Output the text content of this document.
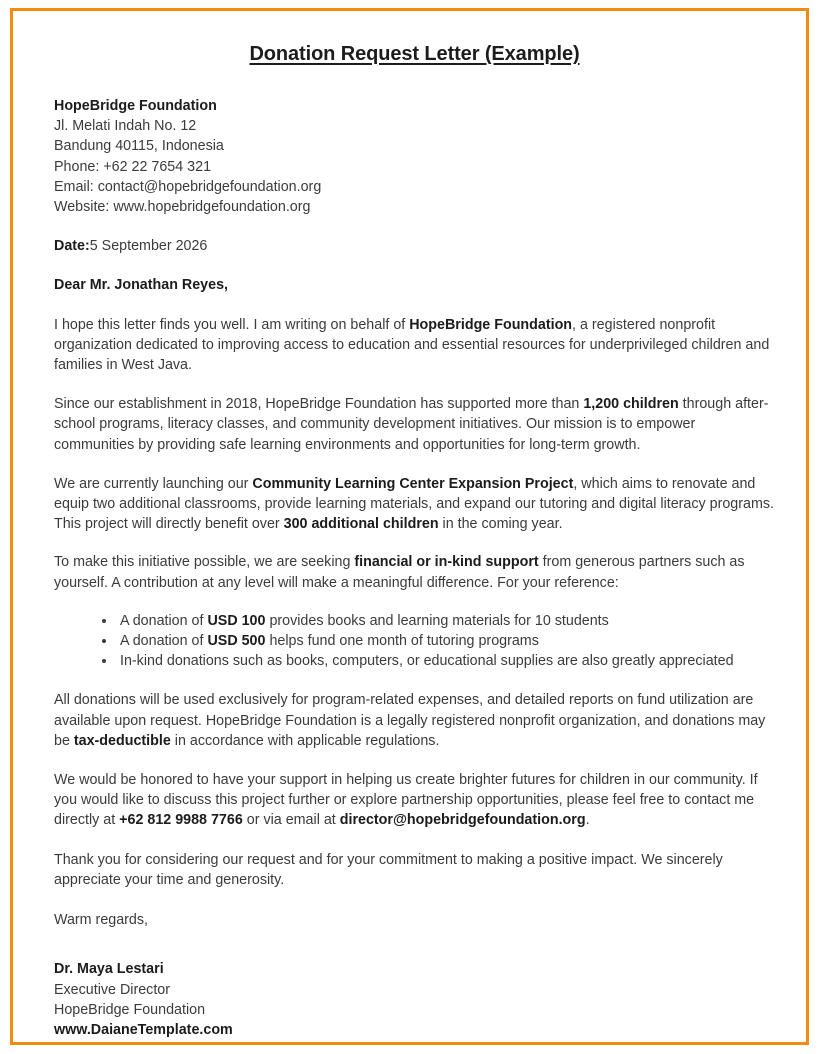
Donation Request Letter (Example)
HopeBridge Foundation
Jl. Melati Indah No. 12
Bandung 40115, Indonesia
Phone: +62 22 7654 321
Email: contact@hopebridgefoundation.org
Website: www.hopebridgefoundation.org
Date:5 September 2026
Dear Mr. Jonathan Reyes,

I hope this letter finds you well. I am writing on behalf of HopeBridge Foundation, a registered nonprofit organization dedicated to improving access to education and essential resources for underprivileged children and families in West Java.

Since our establishment in 2018, HopeBridge Foundation has supported more than 1,200 children through after-school programs, literacy classes, and community development initiatives. Our mission is to empower communities by providing safe learning environments and opportunities for long-term growth.

We are currently launching our Community Learning Center Expansion Project, which aims to renovate and equip two additional classrooms, provide learning materials, and expand our tutoring and digital literacy programs. This project will directly benefit over 300 additional children in the coming year.

To make this initiative possible, we are seeking financial or in-kind support from generous partners such as yourself. A contribution at any level will make a meaningful difference. For your reference:

A donation of USD 100 provides books and learning materials for 10 students
A donation of USD 500 helps fund one month of tutoring programs
In-kind donations such as books, computers, or educational supplies are also greatly appreciated

All donations will be used exclusively for program-related expenses, and detailed reports on fund utilization are available upon request. HopeBridge Foundation is a legally registered nonprofit organization, and donations may be tax-deductible in accordance with applicable regulations.

We would be honored to have your support in helping us create brighter futures for children in our community. If you would like to discuss this project further or explore partnership opportunities, please feel free to contact me directly at +62 812 9988 7766 or via email at director@hopebridgefoundation.org.

Thank you for considering our request and for your commitment to making a positive impact. We sincerely appreciate your time and generosity.

Warm regards,
Dr. Maya Lestari
Executive Director
HopeBridge Foundation
www.DaianeTemplate.com
